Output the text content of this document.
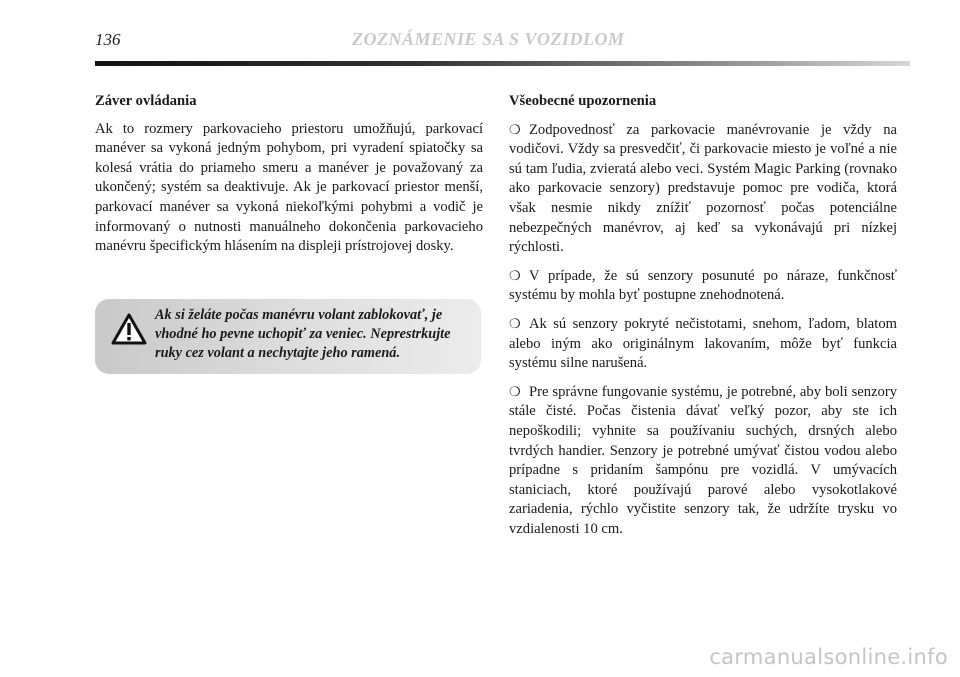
136	ZOZNÁMENIE SA S VOZIDLOM
Záver ovládania

Ak to rozmery parkovacieho priestoru umožňujú, parkovací manéver sa vykoná jedným pohybom, pri vyradení spiatočky sa kolesá vrátia do priameho smeru a manéver je považovaný za ukončený; systém sa deaktivuje. Ak je parkovací priestor menší, parkovací manéver sa vykoná niekoľkými pohybmi a vodič je informovaný o nutnosti manuálneho dokončenia parkovacieho manévru špecifickým hlásením na displeji prístrojovej dosky.

Ak si želáte počas manévru volant zablokovať, je vhodné ho pevne uchopiť za veniec. Neprestrkujte ruky cez volant a nechytajte jeho ramená.
Všeobecné upozornenia
❍ Zodpovednosť za parkovacie manévrovanie je vždy na vodičovi. Vždy sa presvedčiť, či parkovacie miesto je voľné a nie sú tam ľudia, zvieratá alebo veci. Systém Magic Parking (rovnako ako parkovacie senzory) predstavuje pomoc pre vodiča, ktorá však nesmie nikdy znížiť pozornosť počas potenciálne nebezpečných manévrov, aj keď sa vykonávajú pri nízkej rýchlosti.
❍ V prípade, že sú senzory posunuté po náraze, funkčnosť systému by mohla byť postupne znehodnotená.
❍ Ak sú senzory pokryté nečistotami, snehom, ľadom, blatom alebo iným ako originálnym lakovaním, môže byť funkcia systému silne narušená.
❍ Pre správne fungovanie systému, je potrebné, aby boli senzory stále čisté. Počas čistenia dávať veľký pozor, aby ste ich nepoškodili; vyhnite sa používaniu suchých, drsných alebo tvrdých handier. Senzory je potrebné umývať čistou vodou alebo prípadne s pridaním šampónu pre vozidlá. V umývacích staniciach, ktoré používajú parové alebo vysokotlakové zariadenia, rýchlo vyčistite senzory tak, že udržíte trysku vo vzdialenosti 10 cm.
carmanualsonline.info
